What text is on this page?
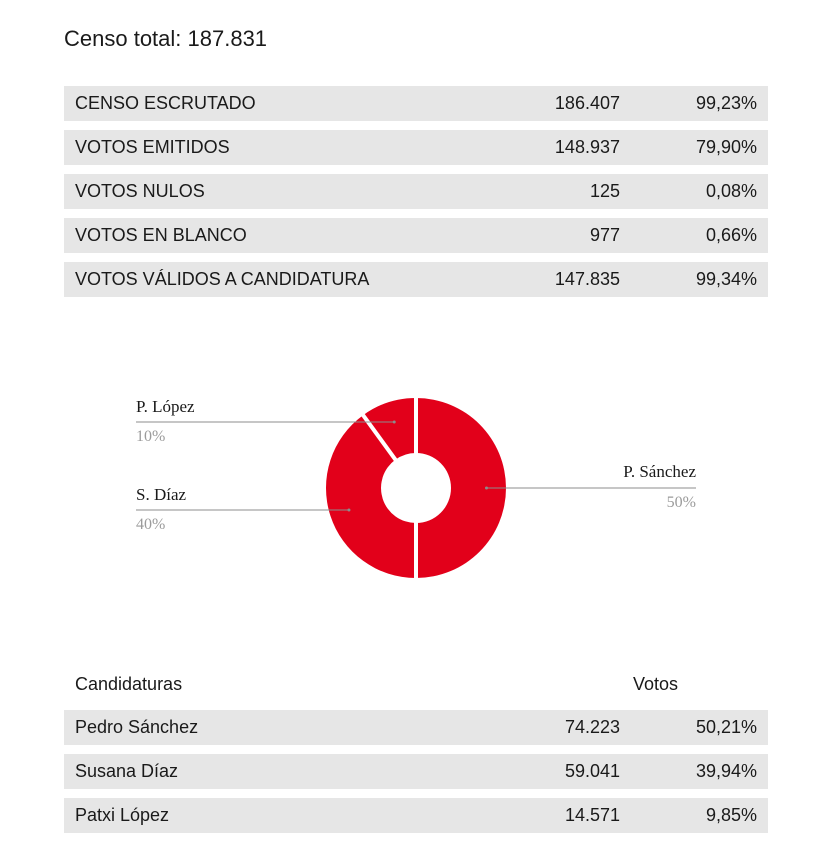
Censo total: 187.831
CENSO ESCRUTADO	186.407	99,23%
VOTOS EMITIDOS	148.937	79,90%
VOTOS NULOS	125	0,08%
VOTOS EN BLANCO	977	0,66%
VOTOS VÁLIDOS A CANDIDATURA	147.835	99,34%
P. López
10%
S. Díaz
40%
P. Sánchez
50%
Candidaturas	Votos
Pedro Sánchez	74.223	50,21%
Susana Díaz	59.041	39,94%
Patxi López	14.571	9,85%
